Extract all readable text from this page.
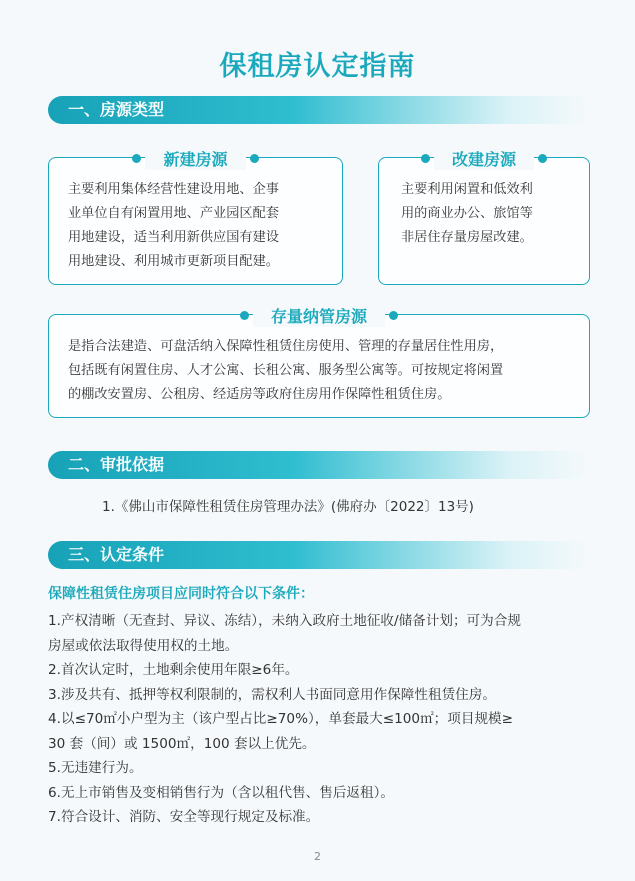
保租房认定指南
一、房源类型
新建房源
主要利用集体经营性建设用地、企事
业单位自有闲置用地、产业园区配套
用地建设，适当利用新供应国有建设
用地建设、利用城市更新项目配建。
改建房源
主要利用闲置和低效利
用的商业办公、旅馆等
非居住存量房屋改建。
存量纳管房源
是指合法建造、可盘活纳入保障性租赁住房使用、管理的存量居住性用房，
包括既有闲置住房、人才公寓、长租公寓、服务型公寓等。可按规定将闲置
的棚改安置房、公租房、经适房等政府住房用作保障性租赁住房。
二、审批依据
1.《佛山市保障性租赁住房管理办法》(佛府办〔2022〕13号)
三、认定条件
保障性租赁住房项目应同时符合以下条件：
1.产权清晰（无查封、异议、冻结），未纳入政府土地征收/储备计划；可为合规
房屋或依法取得使用权的土地。
2.首次认定时，土地剩余使用年限≥6年。
3.涉及共有、抵押等权利限制的，需权利人书面同意用作保障性租赁住房。
4.以≤70㎡小户型为主（该户型占比≥70%），单套最大≤100㎡；项目规模≥
30 套（间）或 1500㎡，100 套以上优先。
5.无违建行为。
6.无上市销售及变相销售行为（含以租代售、售后返租）。
7.符合设计、消防、安全等现行规定及标准。
2
